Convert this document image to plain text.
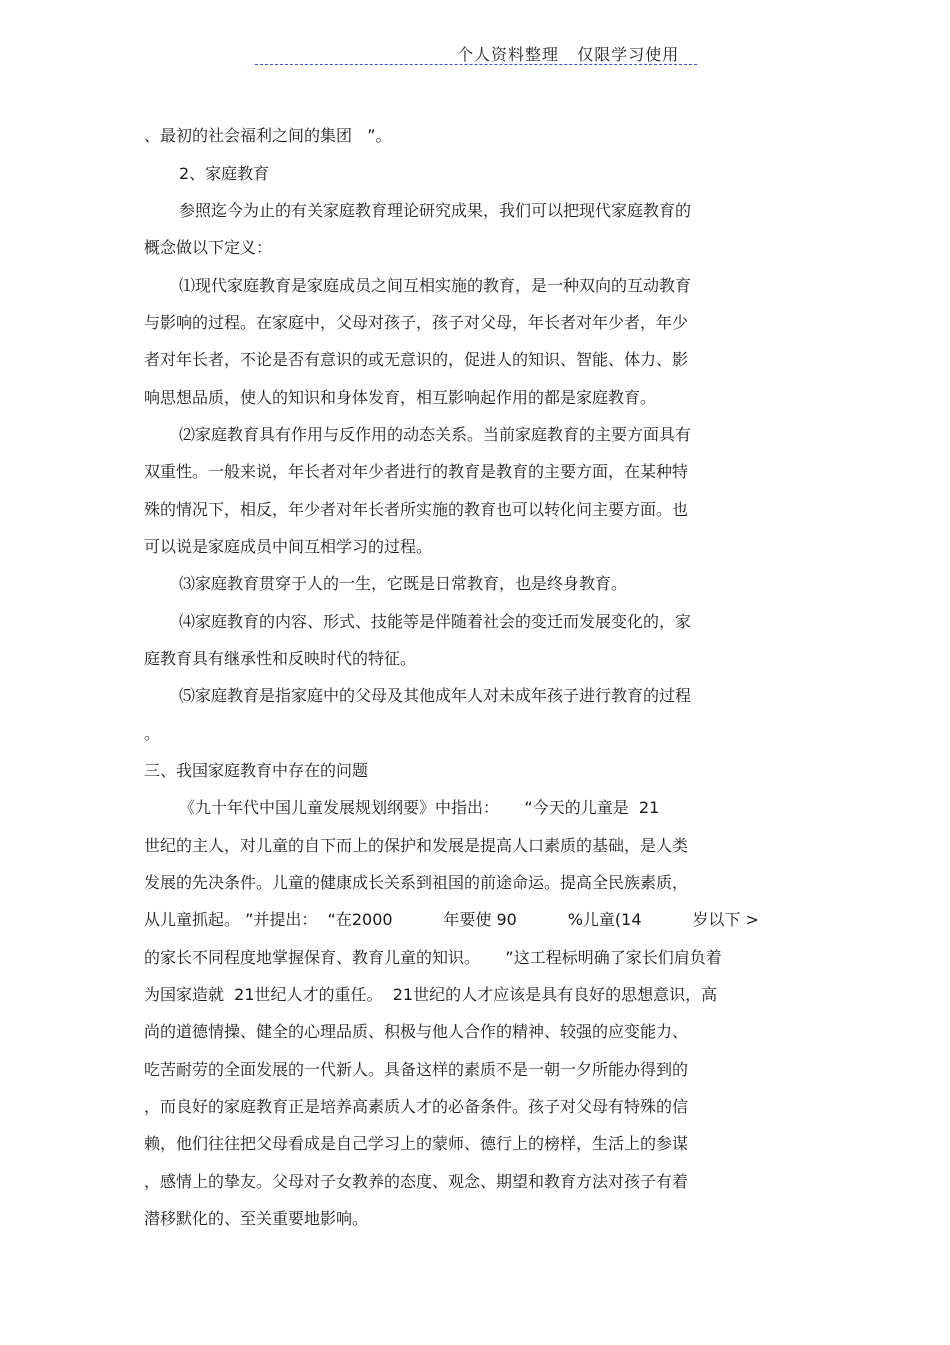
个人资料整理   仅限学习使用
、最初的社会福利之间的集团   ”。
2、家庭教育
参照迄今为止的有关家庭教育理论研究成果，我们可以把现代家庭教育的
概念做以下定义：
⑴现代家庭教育是家庭成员之间互相实施的教育，是一种双向的互动教育
与影响的过程。在家庭中，父母对孩子，孩子对父母，年长者对年少者，年少
者对年长者，不论是否有意识的或无意识的，促进人的知识、智能、体力、影
响思想品质，使人的知识和身体发育，相互影响起作用的都是家庭教育。
⑵家庭教育具有作用与反作用的动态关系。当前家庭教育的主要方面具有
双重性。一般来说，年长者对年少者进行的教育是教育的主要方面，在某种特
殊的情况下，相反，年少者对年长者所实施的教育也可以转化问主要方面。也
可以说是家庭成员中间互相学习的过程。
⑶家庭教育贯穿于人的一生，它既是日常教育，也是终身教育。
⑷家庭教育的内容、形式、技能等是伴随着社会的变迁而发展变化的，家
庭教育具有继承性和反映时代的特征。
⑸家庭教育是指家庭中的父母及其他成年人对未成年孩子进行教育的过程
。
三、我国家庭教育中存在的问题
《九十年代中国儿童发展规划纲要》中指出：     “今天的儿童是  21
世纪的主人，对儿童的自下而上的保护和发展是提高人口素质的基础，是人类
发展的先决条件。儿童的健康成长关系到祖国的前途命运。提高全民族素质，
从儿童抓起。 ”并提出：  “在2000          年要使 90          %儿童(14          岁以下 >
的家长不同程度地掌握保育、教育儿童的知识。     ”这工程标明确了家长们肩负着
为国家造就  21世纪人才的重任。  21世纪的人才应该是具有良好的思想意识，高
尚的道德情操、健全的心理品质、积极与他人合作的精神、较强的应变能力、
吃苦耐劳的全面发展的一代新人。具备这样的素质不是一朝一夕所能办得到的
，而良好的家庭教育正是培养高素质人才的必备条件。孩子对父母有特殊的信
赖，他们往往把父母看成是自己学习上的蒙师、德行上的榜样，生活上的参谋
，感情上的挚友。父母对子女教养的态度、观念、期望和教育方法对孩子有着
潜移默化的、至关重要地影响。
